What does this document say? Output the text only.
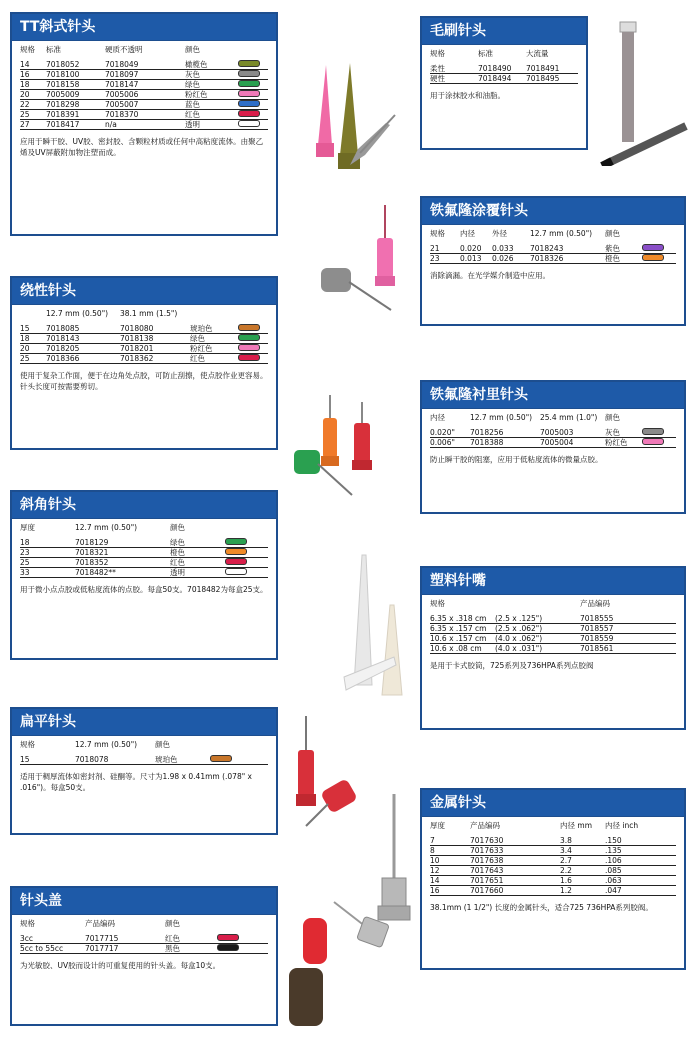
TT斜式针头
规格 标准	硬质不透明	颜色
14 7018052	7018049	橄榄色
16 7018100	7018097	灰色
18 7018158	7018147	绿色
20 7005009	7005006	粉红色
22 7018298	7005007	蓝色
25 7018391	7018370	红色
27 7018417	n/a	透明
应用于瞬干胶、UV胶、密封胶、含颗粒材质或任何中高粘度流体。由聚乙烯及UV屏蔽附加物注塑而成。
绕性针头
12.7 mm (0.50") 38.1 mm (1.5")
15 7018085	7018080	琥珀色
18 7018143	7018138	绿色
20 7018205	7018201	粉红色
25 7018366	7018362	红色
使用于复杂工作面，便于在边角处点胶，可防止刮擦，使点胶作业更容易。针头长度可按需要剪切。
斜角针头
厚度	12.7 mm (0.50")	颜色
18	7018129	绿色
23	7018321	橙色
25	7018352	红色
33	7018482**	透明
用于微小点点胶或低粘度流体的点胶。每盒50支。7018482为每盒25支。
扁平针头
规格	12.7 mm (0.50") 颜色
15	7018078	琥珀色
适用于稠厚流体如密封剂、硅酮等。尺寸为1.98 x 0.41mm (.078" x .016")。每盒50支。
针头盖
规格	产品编码	颜色
3cc	7017715	红色
5cc to 55cc	7017717	黑色
为光敏胶、UV胶而设计的可重复使用的针头盖。每盒10支。
毛刷针头
规格	标准	大流量
柔性	7018490 7018491
硬性	7018494 7018495
用于涂抹胶水和油脂。
铁氟隆涂覆针头
规格 内径 外径	12.7 mm (0.50") 颜色
21	0.020 0.033 7018243	紫色
23	0.013 0.026 7018326	橙色
消除滴漏。在光学媒介制造中应用。
铁氟隆衬里针头
内径	12.7 mm (0.50") 25.4 mm (1.0") 颜色
0.020" 7018256	7005003	灰色
0.006" 7018388	7005004	粉红色
防止瞬干胶的阻塞，应用于低粘度流体的微量点胶。
塑料针嘴
规格	产品编码
6.35 x .318 cm (2.5 x .125")	7018555
6.35 x .157 cm (2.5 x .062")	7018557
10.6 x .157 cm (4.0 x .062")	7018559
10.6 x .08 cm (4.0 x .031")	7018561
是用于卡式胶筒，725系列及736HPA系列点胶阀
金属针头
厚度	产品编码	内径 mm 内径 inch
7	7017630	3.8	.150
8	7017633	3.4	.135
10	7017638	2.7	.106
12	7017643	2.2	.085
14	7017651	1.6	.063
16	7017660	1.2	.047
38.1mm (1 1/2") 长度的金属针头，适合725 736HPA系列胶阀。
